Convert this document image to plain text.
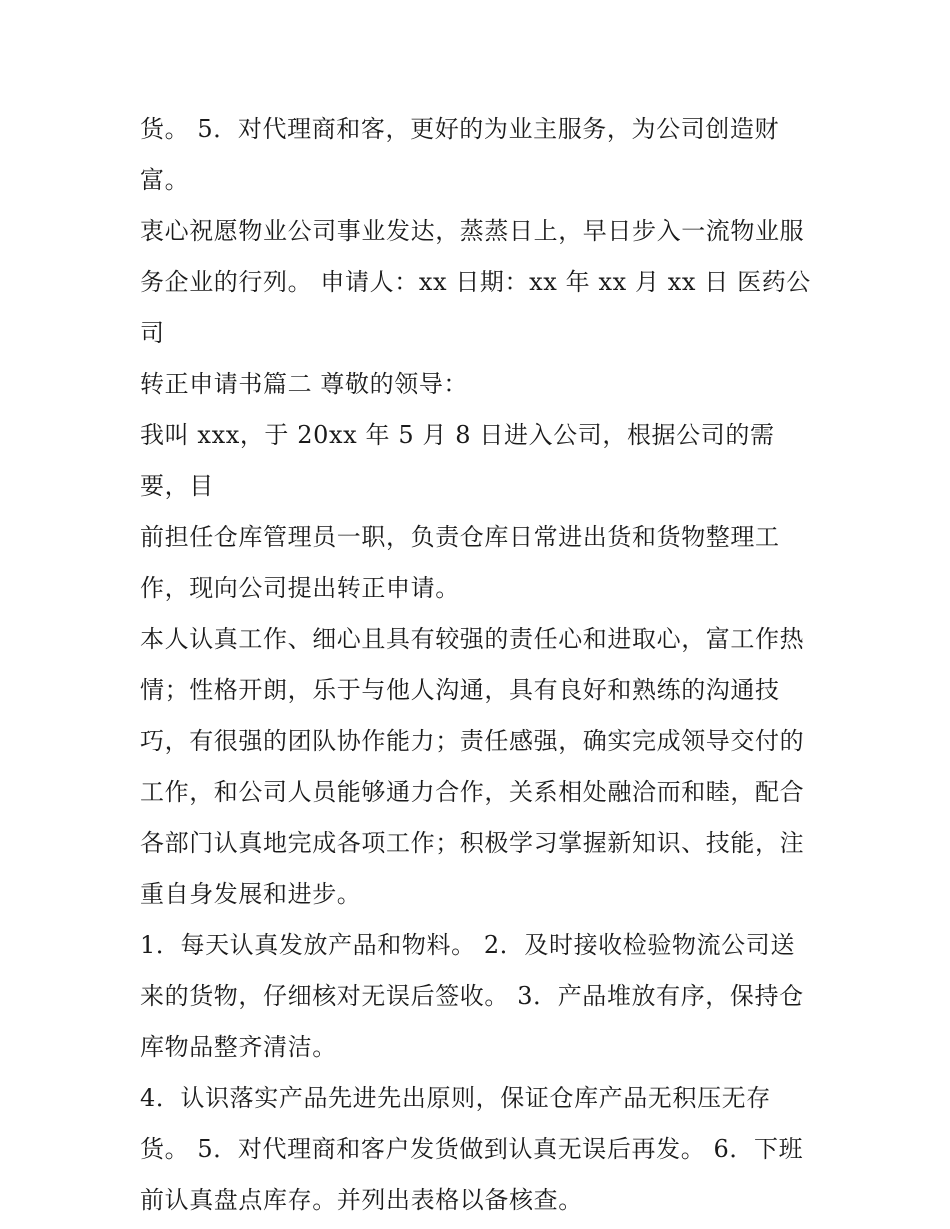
货。 5．对代理商和客，更好的为业主服务，为公司创造财
富。

衷心祝愿物业公司事业发达，蒸蒸日上，早日步入一流物业服
务企业的行列。 申请人：xx 日期：xx 年 xx 月 xx 日 医药公司
转正申请书篇二 尊敬的领导：

我叫 xxx，于 20xx 年 5 月 8 日进入公司，根据公司的需要，目
前担任仓库管理员一职，负责仓库日常进出货和货物整理工
作，现向公司提出转正申请。

本人认真工作、细心且具有较强的责任心和进取心，富工作热
情；性格开朗，乐于与他人沟通，具有良好和熟练的沟通技
巧，有很强的团队协作能力；责任感强，确实完成领导交付的
工作，和公司人员能够通力合作，关系相处融洽而和睦，配合
各部门认真地完成各项工作；积极学习掌握新知识、技能，注
重自身发展和进步。

1．每天认真发放产品和物料。 2．及时接收检验物流公司送
来的货物，仔细核对无误后签收。 3．产品堆放有序，保持仓
库物品整齐清洁。

4．认识落实产品先进先出原则，保证仓库产品无积压无存
货。 5．对代理商和客户发货做到认真无误后再发。 6．下班
前认真盘点库存。并列出表格以备核查。
